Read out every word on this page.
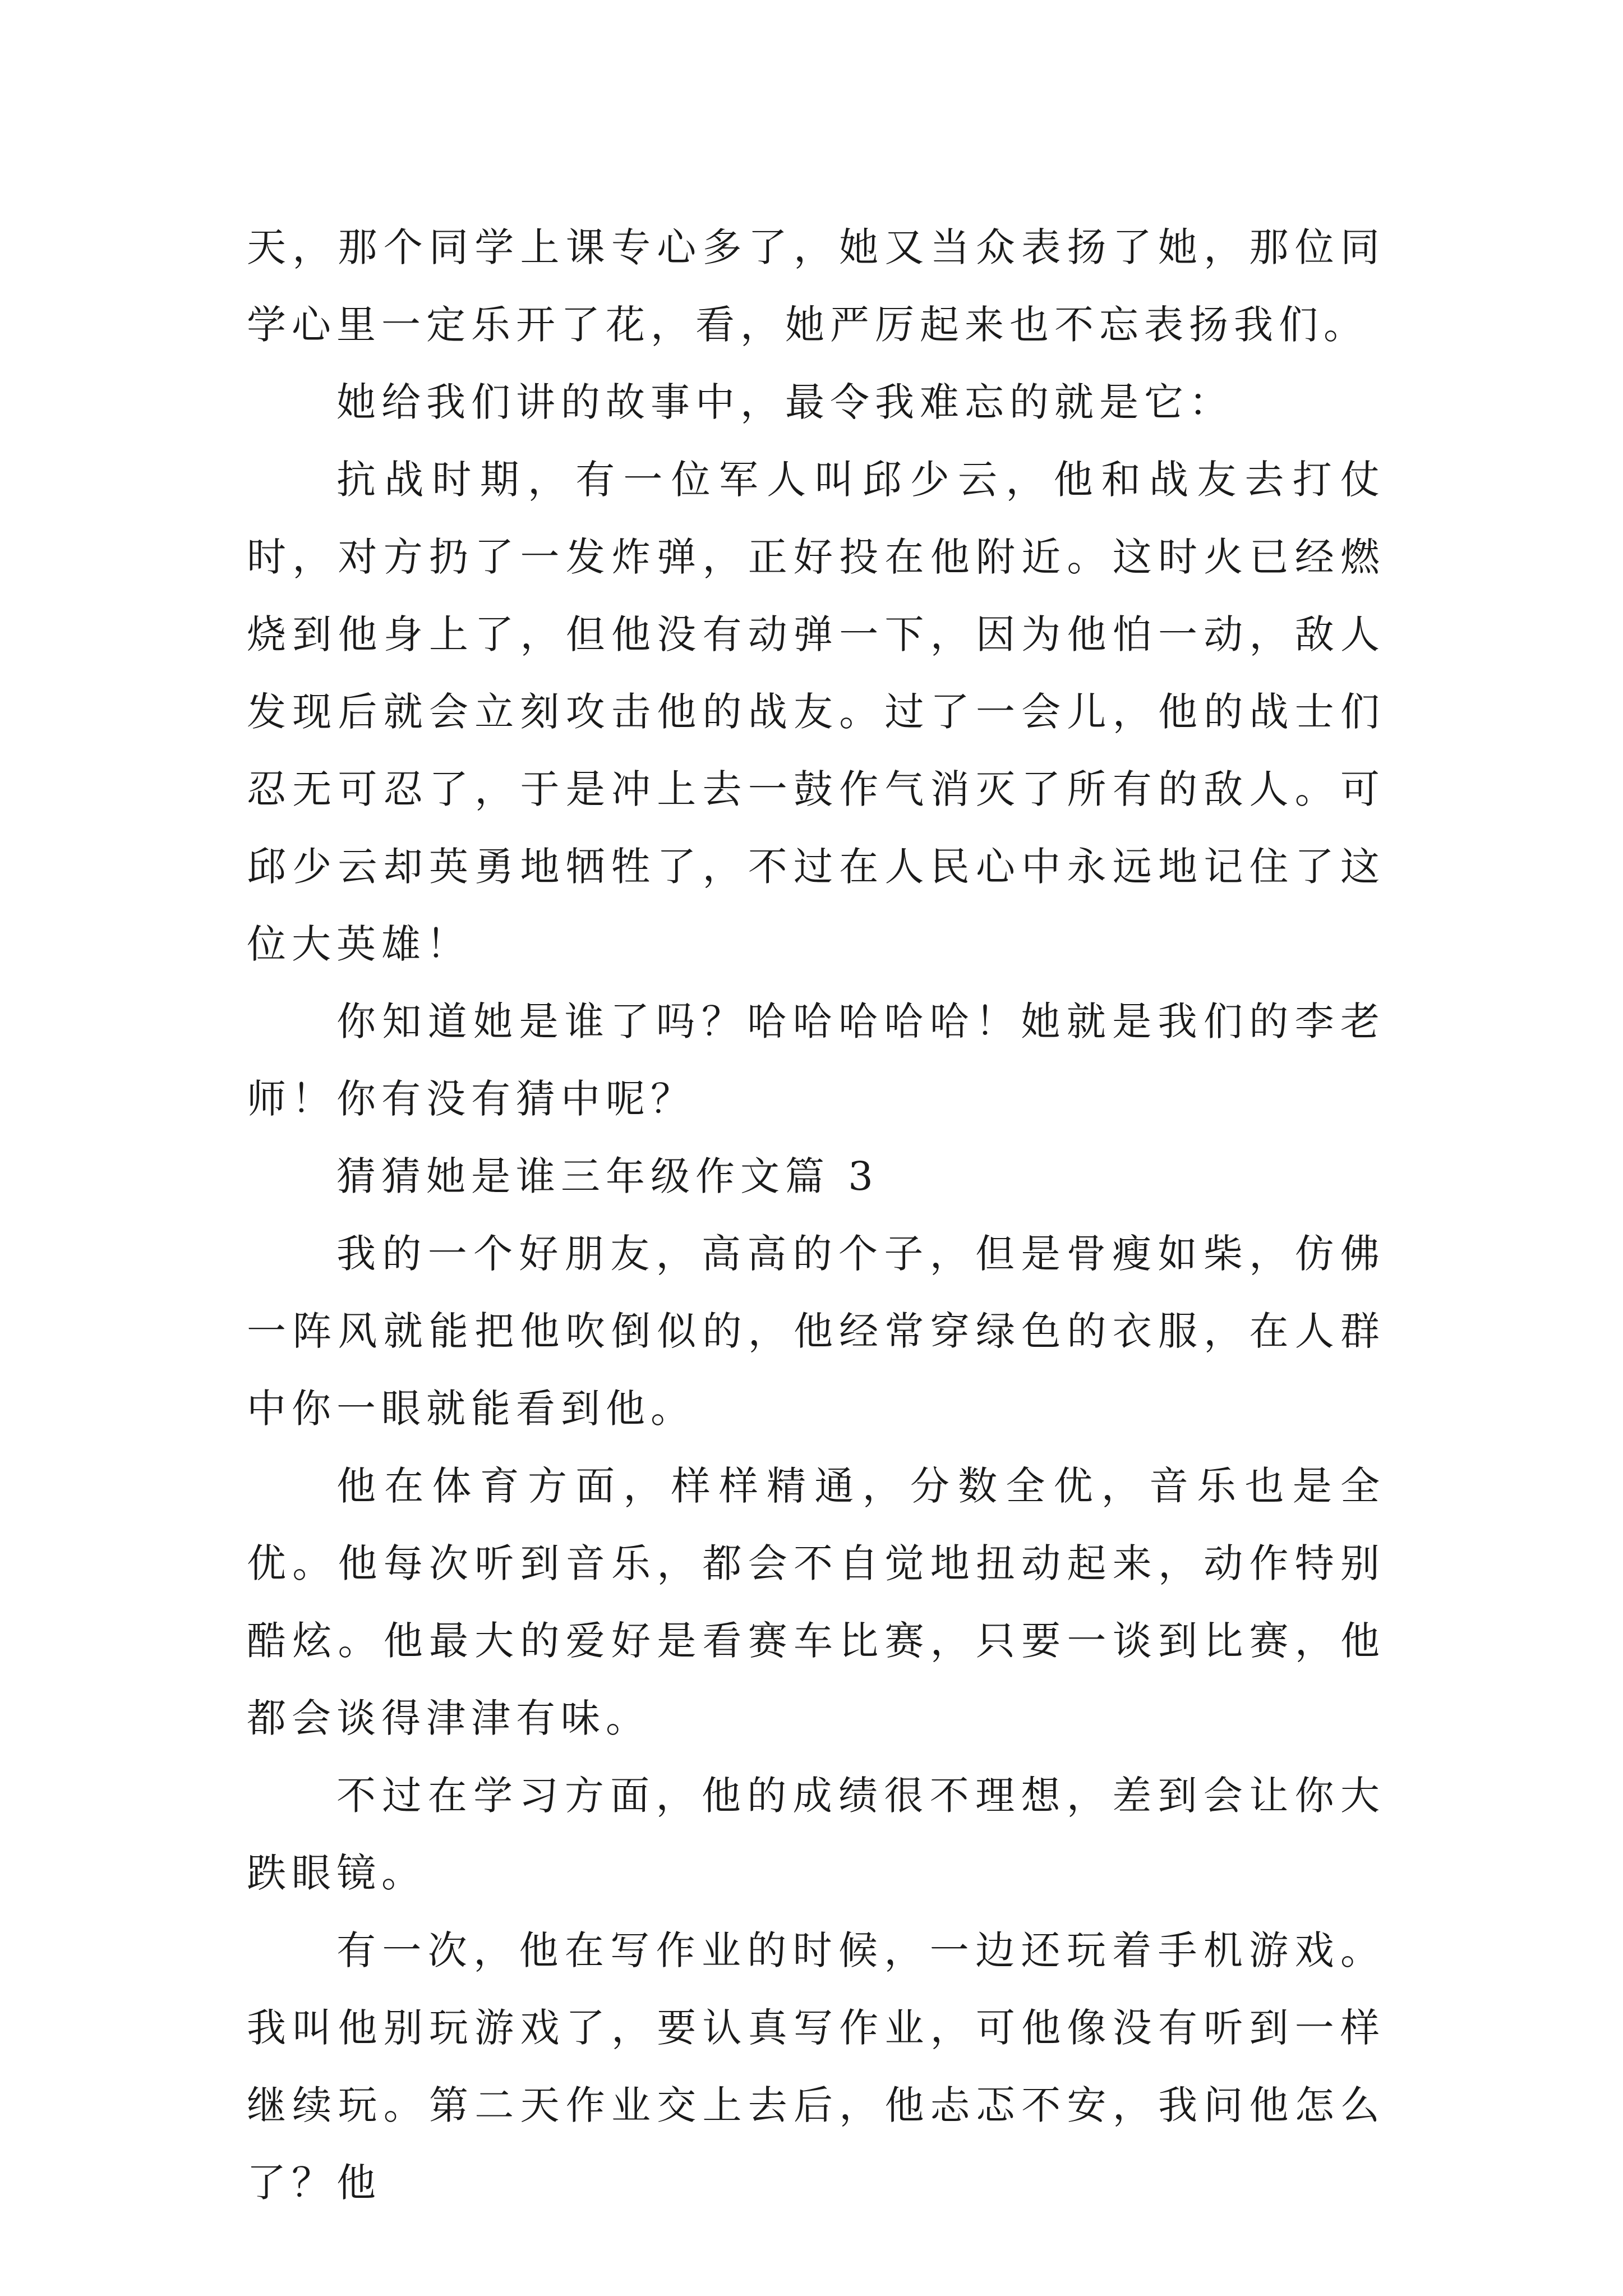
天，那个同学上课专心多了，她又当众表扬了她，那位同学心里一定乐开了花，看，她严厉起来也不忘表扬我们。

她给我们讲的故事中，最令我难忘的就是它：

抗战时期，有一位军人叫邱少云，他和战友去打仗时，对方扔了一发炸弹，正好投在他附近。这时火已经燃烧到他身上了，但他没有动弹一下，因为他怕一动，敌人发现后就会立刻攻击他的战友。过了一会儿，他的战士们忍无可忍了，于是冲上去一鼓作气消灭了所有的敌人。可邱少云却英勇地牺牲了，不过在人民心中永远地记住了这位大英雄！

你知道她是谁了吗？哈哈哈哈哈！她就是我们的李老师！你有没有猜中呢？

猜猜她是谁三年级作文篇 3

我的一个好朋友，高高的个子，但是骨瘦如柴，仿佛一阵风就能把他吹倒似的，他经常穿绿色的衣服，在人群中你一眼就能看到他。

他在体育方面，样样精通，分数全优，音乐也是全优。他每次听到音乐，都会不自觉地扭动起来，动作特别酷炫。他最大的爱好是看赛车比赛，只要一谈到比赛，他都会谈得津津有味。

不过在学习方面，他的成绩很不理想，差到会让你大跌眼镜。

有一次，他在写作业的时候，一边还玩着手机游戏。我叫他别玩游戏了，要认真写作业，可他像没有听到一样继续玩。第二天作业交上去后，他忐忑不安，我问他怎么了？他
